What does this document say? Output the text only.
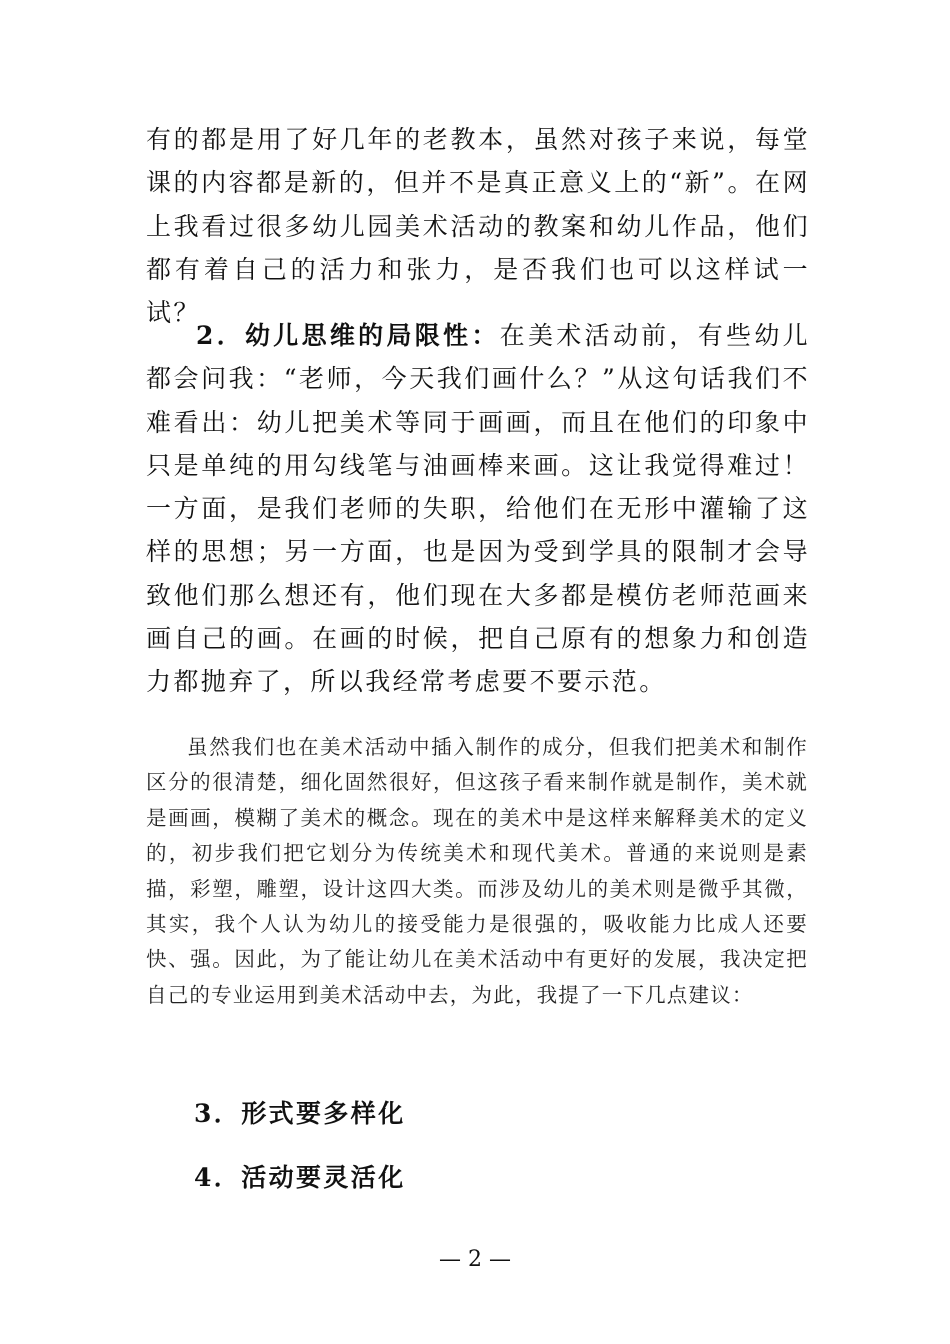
有的都是用了好几年的老教本，虽然对孩子来说，每堂课的内容都是新的，但并不是真正意义上的“新”。在网上我看过很多幼儿园美术活动的教案和幼儿作品，他们都有着自己的活力和张力，是否我们也可以这样试一试？

2．幼儿思维的局限性：在美术活动前，有些幼儿都会问我：“老师，今天我们画什么？”从这句话我们不难看出：幼儿把美术等同于画画，而且在他们的印象中只是单纯的用勾线笔与油画棒来画。这让我觉得难过！一方面，是我们老师的失职，给他们在无形中灌输了这样的思想；另一方面，也是因为受到学具的限制才会导致他们那么想还有，他们现在大多都是模仿老师范画来画自己的画。在画的时候，把自己原有的想象力和创造力都抛弃了，所以我经常考虑要不要示范。

虽然我们也在美术活动中插入制作的成分，但我们把美术和制作区分的很清楚，细化固然很好，但这孩子看来制作就是制作，美术就是画画，模糊了美术的概念。现在的美术中是这样来解释美术的定义的，初步我们把它划分为传统美术和现代美术。普通的来说则是素描，彩塑，雕塑，设计这四大类。而涉及幼儿的美术则是微乎其微，其实，我个人认为幼儿的接受能力是很强的，吸收能力比成人还要快、强。因此，为了能让幼儿在美术活动中有更好的发展，我决定把自己的专业运用到美术活动中去，为此，我提了一下几点建议：

3．形式要多样化

4．活动要灵活化

— 2 —
